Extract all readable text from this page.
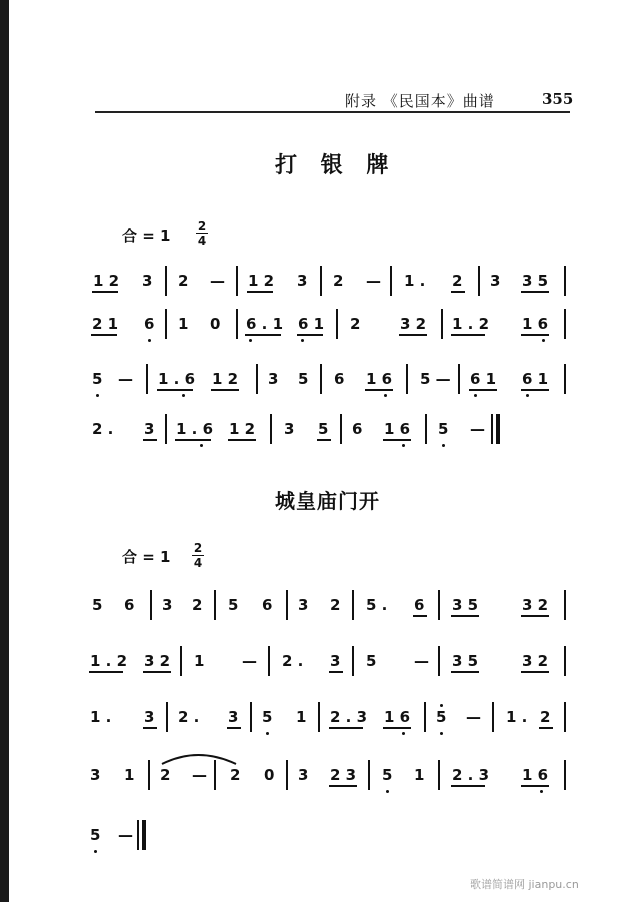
附录 《民国本》曲谱	355
打 银 牌
合 = 1
2
4
1 2 3 2 — 1 2 3 2 — 1 . 2 3 3 5
2 1 6 1 0 6 . 1 6 1 2	3 2 1 . 2 1 6
5 — 1 . 6 1 2 3 5 6 1 6 5 — 6 1 6 1
2 . 3 1 . 6 1 2 3 5 6 1 6 5 —
城皇庙门开
合 = 1 2
4
5 6 3 2 5 6 3 2 5 . 6 3 5	3 2
1 . 2 3 2 1	— 2 . 3 5	— 3 5	3 2
1 . 3 2 . 3 5 1 2 . 3 1 6 5 — 1 . 2
3 1 2 — 2 0 3 2 3 5 1 2 . 3 1 6
5 —
歌谱简谱网 jianpu.cn
